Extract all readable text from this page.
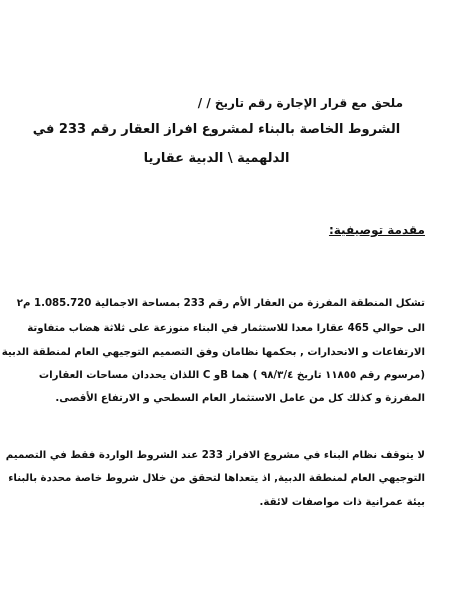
ملحق مع قرار الإجارة رقم تاريخ / /
الشروط الخاصة بالبناء لمشروع افراز العقار رقم 233 في
الدلهمية \ الدبية عقاريا
مقدمة توصيفية:
تشكل المنطقة المفرزة من العقار الأم رقم 233 بمساحة الاجمالية 1.085.720 م٢
الى حوالي 465 عقارا معدا للاستثمار في البناء منوزعة على ثلاثة هضاب متفاوتة
الارتفاعات و الانحدارات , بحكمها نظامان وفق التصميم التوجيهي العام لمنطقة الدبية
(مرسوم رقم ١١٨٥٥ تاريخ ٩٨/٣/٤ ) هما Bو C اللذان يحددان مساحات العقارات
المفرزة و كذلك كل من عامل الاستثمار العام السطحي و الارتفاع الأقصى.
لا يتوقف نظام البناء في مشروع الافراز 233 عند الشروط الواردة فقط في التصميم
التوجيهي العام لمنطقة الدبية, اذ يتعداها لتحقق من خلال شروط خاصة محددة بالبناء
بيئة عمرانية ذات مواصفات لائقة.
